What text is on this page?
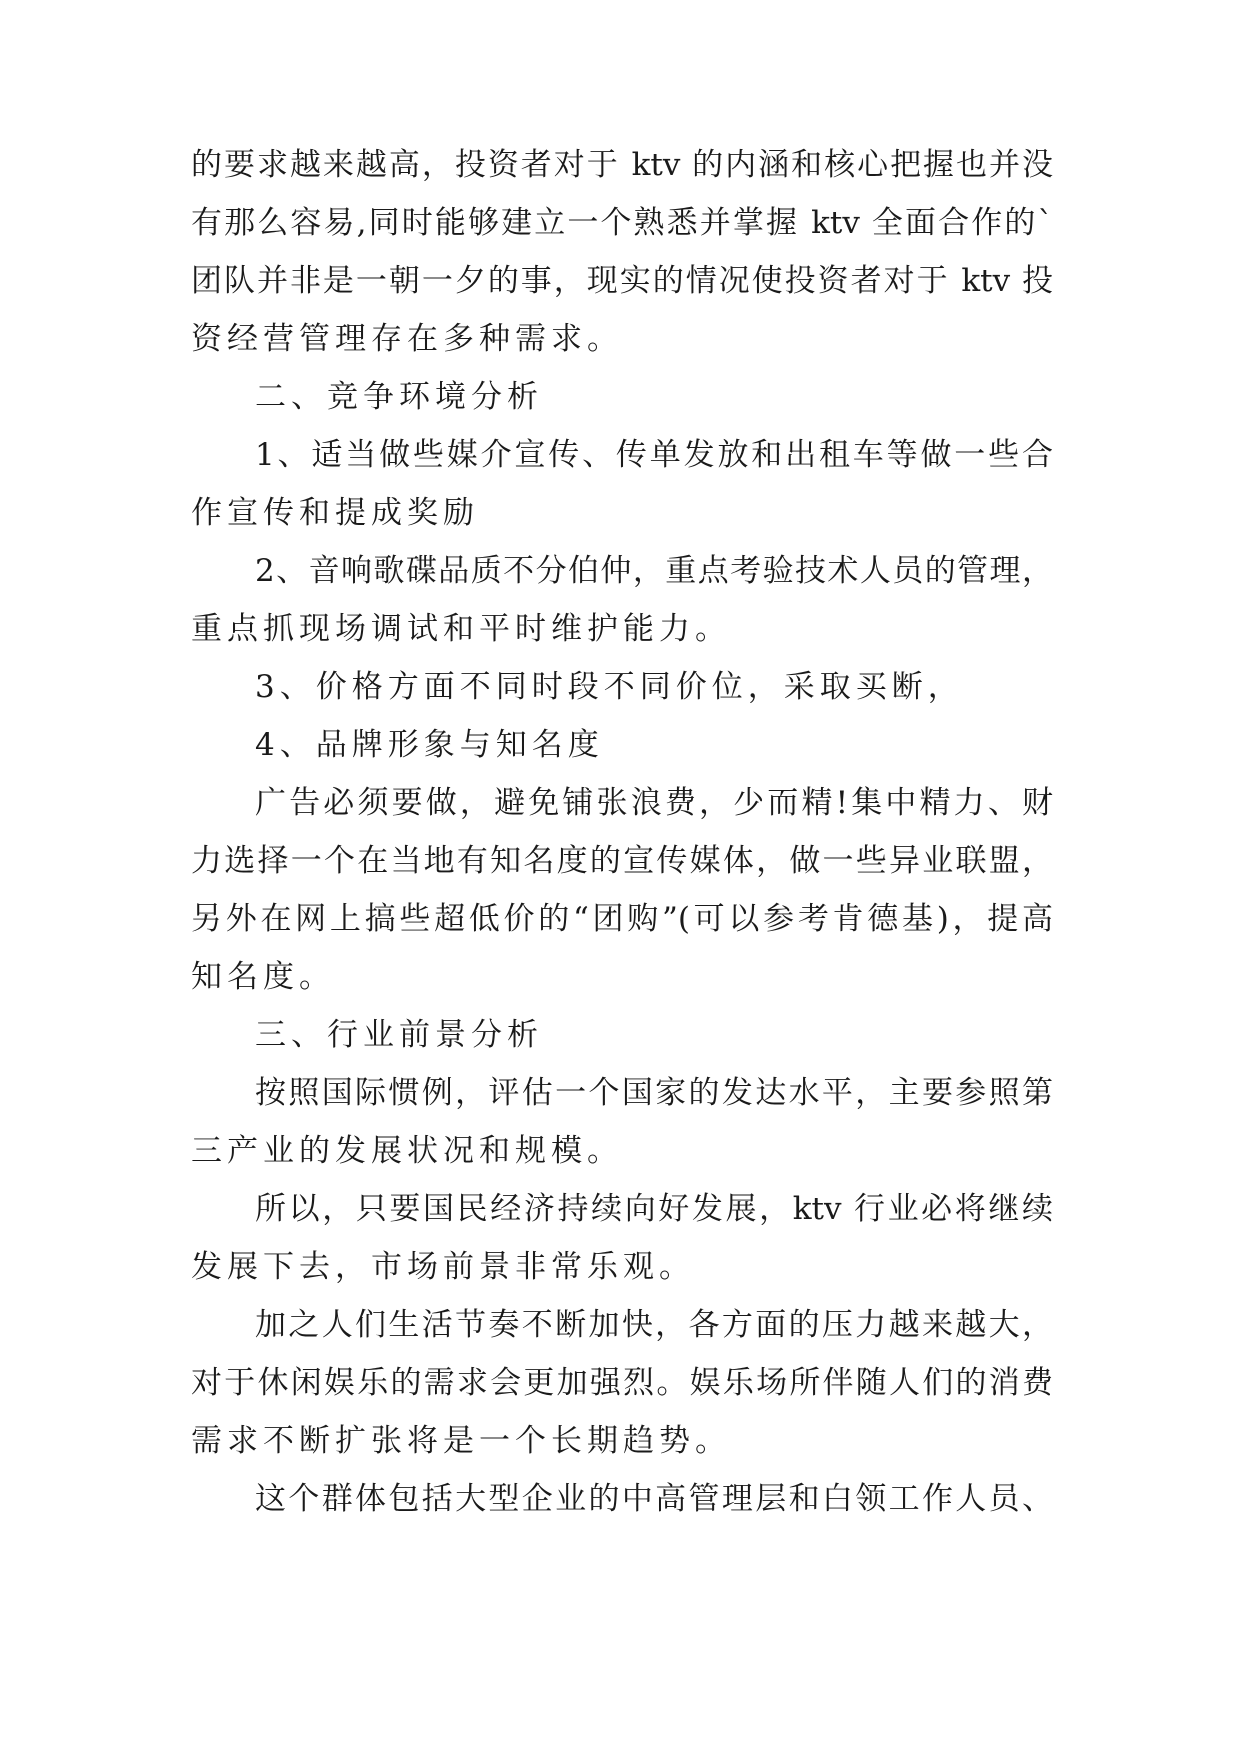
的要求越来越高，投资者对于 ktv 的内涵和核心把握也并没
有那么容易,同时能够建立一个熟悉并掌握 ktv 全面合作的`
团队并非是一朝一夕的事，现实的情况使投资者对于 ktv 投
资经营管理存在多种需求。
二、竞争环境分析
1、适当做些媒介宣传、传单发放和出租车等做一些合
作宣传和提成奖励
2、音响歌碟品质不分伯仲，重点考验技术人员的管理，
重点抓现场调试和平时维护能力。
3、价格方面不同时段不同价位，采取买断，
4、品牌形象与知名度
广告必须要做，避免铺张浪费，少而精!集中精力、财
力选择一个在当地有知名度的宣传媒体，做一些异业联盟，
另外在网上搞些超低价的“团购”(可以参考肯德基)，提高
知名度。
三、行业前景分析
按照国际惯例，评估一个国家的发达水平，主要参照第
三产业的发展状况和规模。
所以，只要国民经济持续向好发展，ktv 行业必将继续
发展下去，市场前景非常乐观。
加之人们生活节奏不断加快，各方面的压力越来越大，
对于休闲娱乐的需求会更加强烈。娱乐场所伴随人们的消费
需求不断扩张将是一个长期趋势。
这个群体包括大型企业的中高管理层和白领工作人员、
